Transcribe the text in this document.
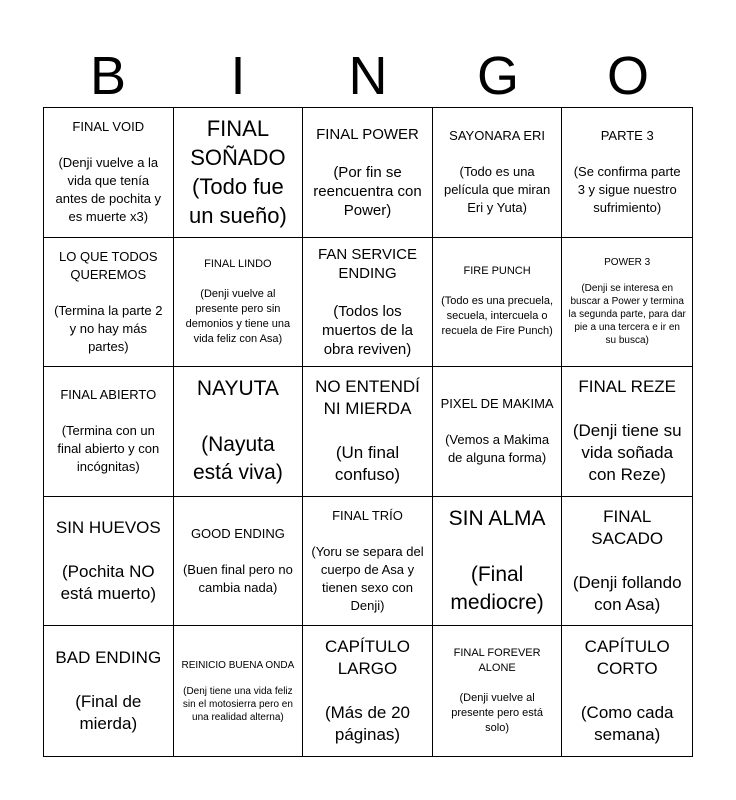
B	I	N	G	O
FINAL VOID

(Denji vuelve a la vida que tenía antes de pochita y es muerte x3)
FINAL SOÑADO (Todo fue un sueño)
FINAL POWER

(Por fin se reencuentra con Power)
SAYONARA ERI

(Todo es una película que miran Eri y Yuta)
PARTE 3

(Se confirma parte 3 y sigue nuestro sufrimiento)
LO QUE TODOS QUEREMOS

(Termina la parte 2 y no hay más partes)
FINAL LINDO

(Denji vuelve al presente pero sin demonios y tiene una vida feliz con Asa)
FAN SERVICE ENDING

(Todos los muertos de la obra reviven)
FIRE PUNCH

(Todo es una precuela, secuela, intercuela o recuela de Fire Punch)
POWER 3

(Denji se interesa en buscar a Power y termina la segunda parte, para dar pie a una tercera e ir en su busca)
FINAL ABIERTO

(Termina con un final abierto y con incógnitas)
NAYUTA

(Nayuta está viva)
NO ENTENDÍ NI MIERDA

(Un final confuso)
PIXEL DE MAKIMA

(Vemos a Makima de alguna forma)
FINAL REZE

(Denji tiene su vida soñada con Reze)
SIN HUEVOS

(Pochita NO está muerto)
GOOD ENDING

(Buen final pero no cambia nada)
FINAL TRÍO

(Yoru se separa del cuerpo de Asa y tienen sexo con Denji)
SIN ALMA

(Final mediocre)
FINAL SACADO

(Denji follando con Asa)
BAD ENDING

(Final de mierda)
REINICIO BUENA ONDA

(Denj tiene una vida feliz sin el motosierra pero en una realidad alterna)
CAPÍTULO LARGO

(Más de 20 páginas)
FINAL FOREVER ALONE

(Denji vuelve al presente pero está solo)
CAPÍTULO CORTO

(Como cada semana)
